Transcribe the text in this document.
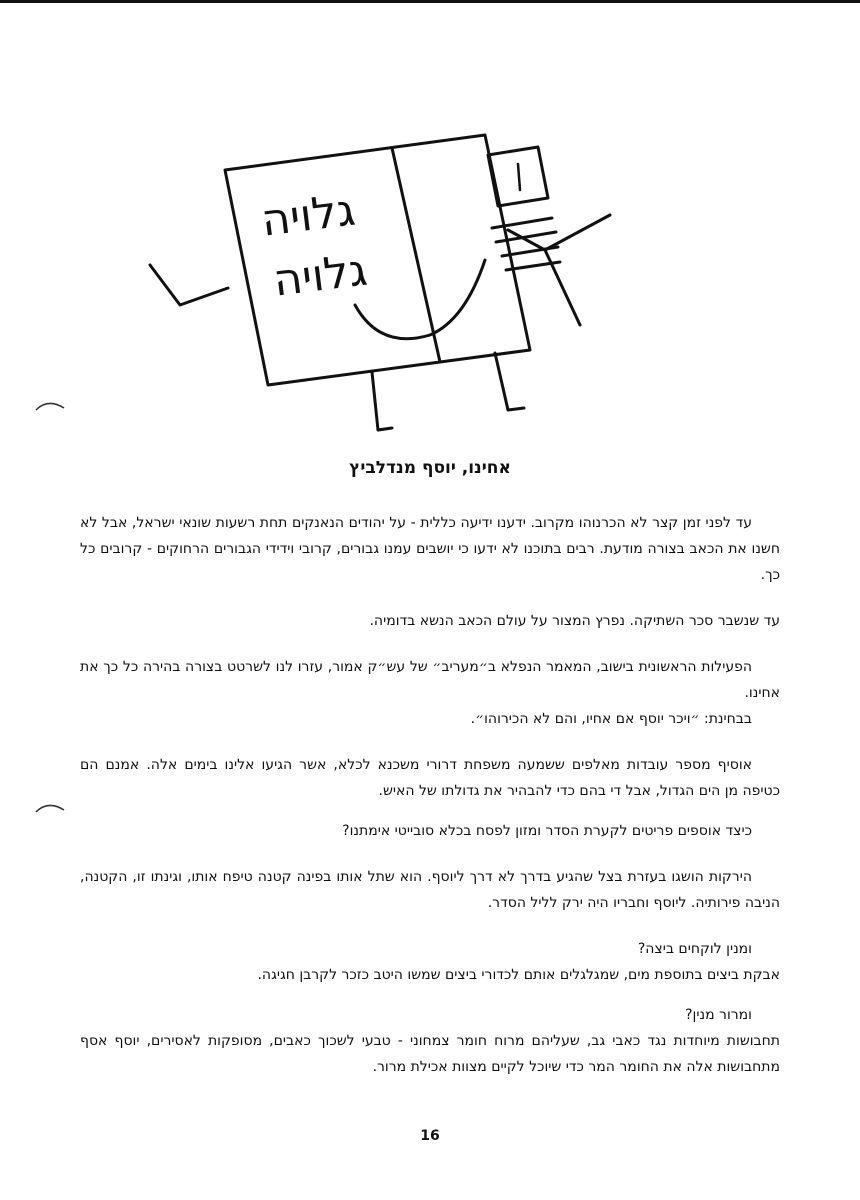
גלויה
גלויה
אחינו, יוסף מנדלביץ

עד לפני זמן קצר לא הכרנוהו מקרוב. ידענו ידיעה כללית - על יהודים הנאנקים תחת רשעות שונאי ישראל, אבל לא חשנו את הכאב בצורה מודעת. רבים בתוכנו לא ידעו כי יושבים עמנו גבורים, קרובי וידידי הגבורים הרחוקים - קרובים כל כך.

עד שנשבר סכר השתיקה. נפרץ המצור על עולם הכאב הנשא בדומיה.

הפעילות הראשונית בישוב, המאמר הנפלא ב״מעריב״ של עש״ק אמור, עזרו לנו לשרטט בצורה בהירה כל כך את אחינו.

בבחינת: ״ויכר יוסף אם אחיו, והם לא הכירוהו״.

אוסיף מספר עובדות מאלפים ששמעה משפחת דרורי משכנא לכלא, אשר הגיעו אלינו בימים אלה. אמנם הם כטיפה מן הים הגדול, אבל די בהם כדי להבהיר את גדולתו של האיש.

כיצד אוספים פריטים לקערת הסדר ומזון לפסח בכלא סובייטי אימתנו?

הירקות הושגו בעזרת בצל שהגיע בדרך לא דרך ליוסף. הוא שתל אותו בפינה קטנה טיפח אותו, וגינתו זו, הקטנה, הניבה פירותיה. ליוסף וחבריו היה ירק לליל הסדר.

ומנין לוקחים ביצה?

אבקת ביצים בתוספת מים, שמגלגלים אותם לכדורי ביצים שמשו היטב כזכר לקרבן חגיגה.

ומרור מנין?

תחבושות מיוחדות נגד כאבי גב, שעליהם מרוח חומר צמחוני - טבעי לשכוך כאבים, מסופקות לאסירים, יוסף אסף מתחבושות אלה את החומר המר כדי שיוכל לקיים מצוות אכילת מרור.

16
